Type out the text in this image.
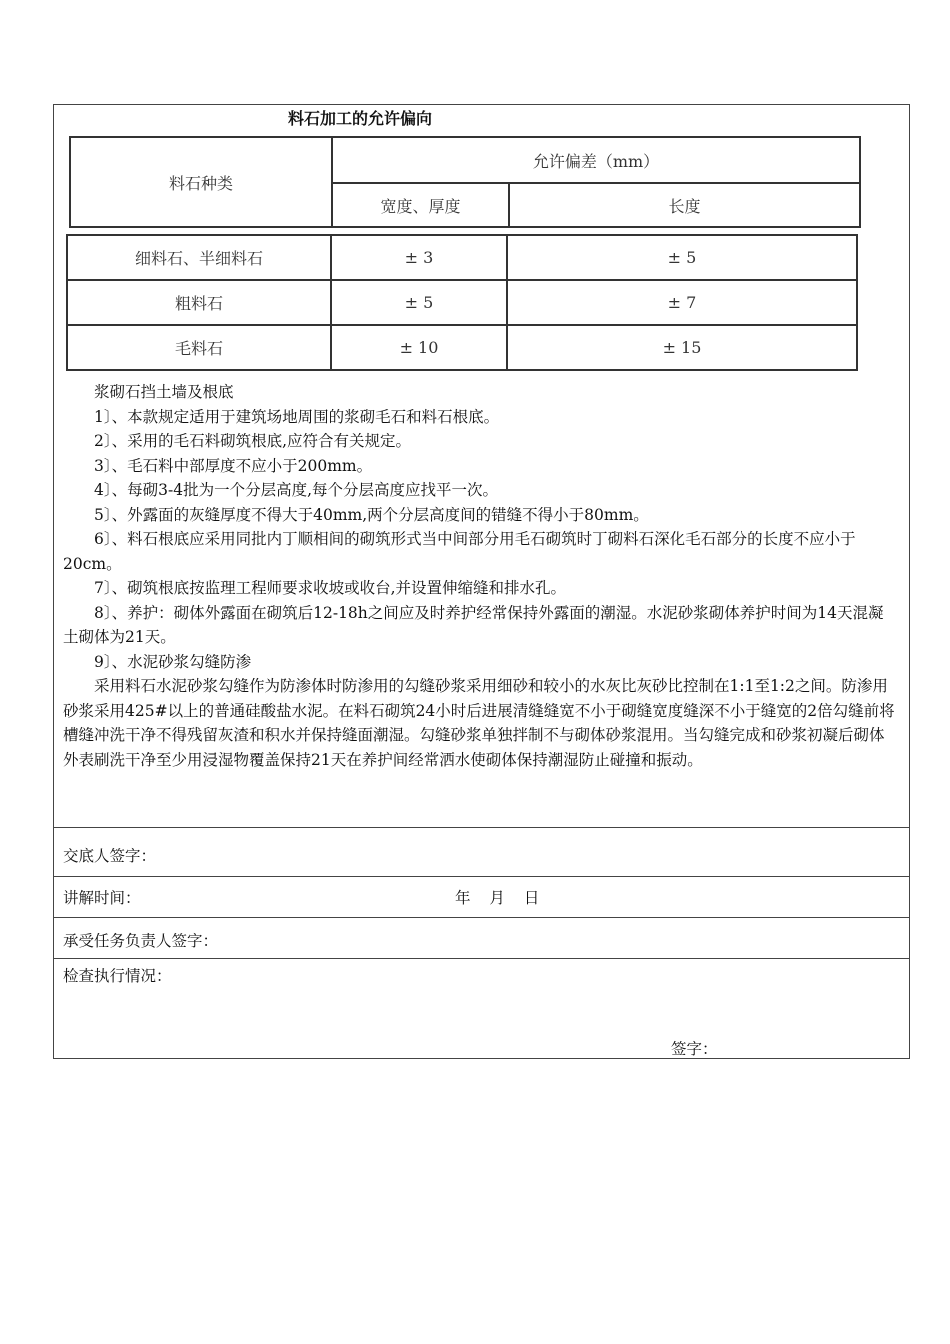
料石加工的允许偏向
料石种类	允许偏差（mm）	
	宽度、厚度	长度
细料石、半细料石	± 3	± 5
粗料石	± 5	± 7
毛料石	± 10	± 15

浆砌石挡土墙及根底

1〕、本款规定适用于建筑场地周围的浆砌毛石和料石根底。

2〕、采用的毛石料砌筑根底,应符合有关规定。

3〕、毛石料中部厚度不应小于200mm。

4〕、每砌3-4批为一个分层高度,每个分层高度应找平一次。

5〕、外露面的灰缝厚度不得大于40mm,两个分层高度间的错缝不得小于80mm。

6〕、料石根底应采用同批内丁顺相间的砌筑形式当中间部分用毛石砌筑时丁砌料石深化毛石部分的长度不应小于20cm。

7〕、砌筑根底按监理工程师要求收坡或收台,并设置伸缩缝和排水孔。

8〕、养护：砌体外露面在砌筑后12-18h之间应及时养护经常保持外露面的潮湿。水泥砂浆砌体养护时间为14天混凝土砌体为21天。

9〕、水泥砂浆勾缝防渗

采用料石水泥砂浆勾缝作为防渗体时防渗用的勾缝砂浆采用细砂和较小的水灰比灰砂比控制在1:1至1:2之间。防渗用砂浆采用425#以上的普通硅酸盐水泥。在料石砌筑24小时后进展清缝缝宽不小于砌缝宽度缝深不小于缝宽的2倍勾缝前将槽缝冲洗干净不得残留灰渣和积水并保持缝面潮湿。勾缝砂浆单独拌制不与砌体砂浆混用。当勾缝完成和砂浆初凝后砌体外表刷洗干净至少用浸湿物覆盖保持21天在养护间经常洒水使砌体保持潮湿防止碰撞和振动。

交底人签字：
讲解时间：	年 月 日
承受任务负责人签字：
检查执行情况：
签字：
